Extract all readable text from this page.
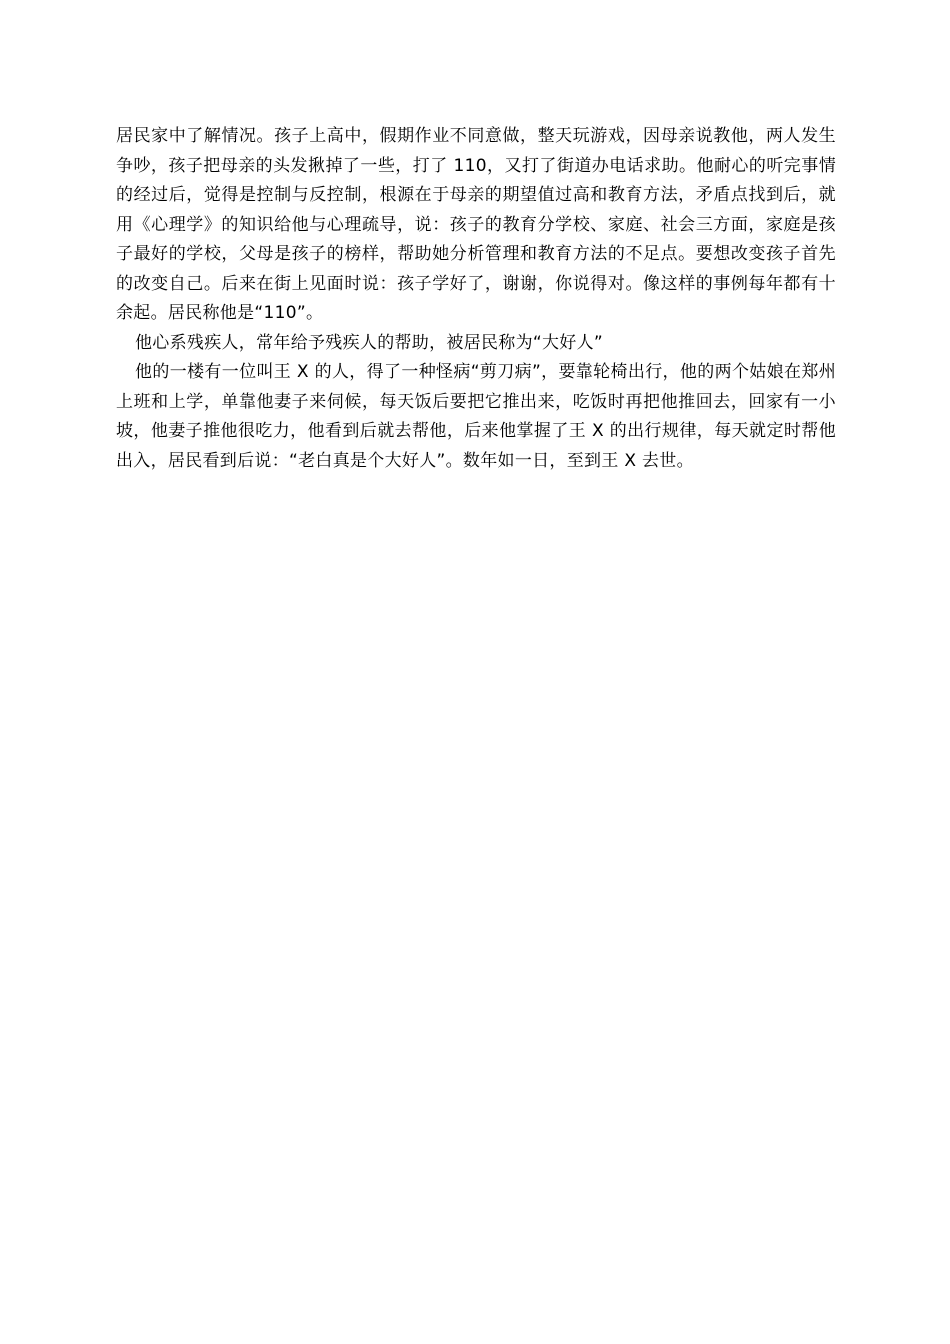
居民家中了解情况。孩子上高中，假期作业不同意做，整天玩游戏，因母亲说教他，两人发生争吵，孩子把母亲的头发揪掉了一些，打了 110，又打了街道办电话求助。他耐心的听完事情的经过后，觉得是控制与反控制，根源在于母亲的期望值过高和教育方法，矛盾点找到后，就用《心理学》的知识给他与心理疏导，说：孩子的教育分学校、家庭、社会三方面，家庭是孩子最好的学校，父母是孩子的榜样，帮助她分析管理和教育方法的不足点。要想改变孩子首先的改变自己。后来在街上见面时说：孩子学好了，谢谢，你说得对。像这样的事例每年都有十余起。居民称他是“110”。

他心系残疾人，常年给予残疾人的帮助，被居民称为“大好人”

他的一楼有一位叫王 X 的人，得了一种怪病“剪刀病”，要靠轮椅出行，他的两个姑娘在郑州上班和上学，单靠他妻子来伺候，每天饭后要把它推出来，吃饭时再把他推回去，回家有一小坡，他妻子推他很吃力，他看到后就去帮他，后来他掌握了王 X 的出行规律，每天就定时帮他出入，居民看到后说：“老白真是个大好人”。数年如一日，至到王 X 去世。
